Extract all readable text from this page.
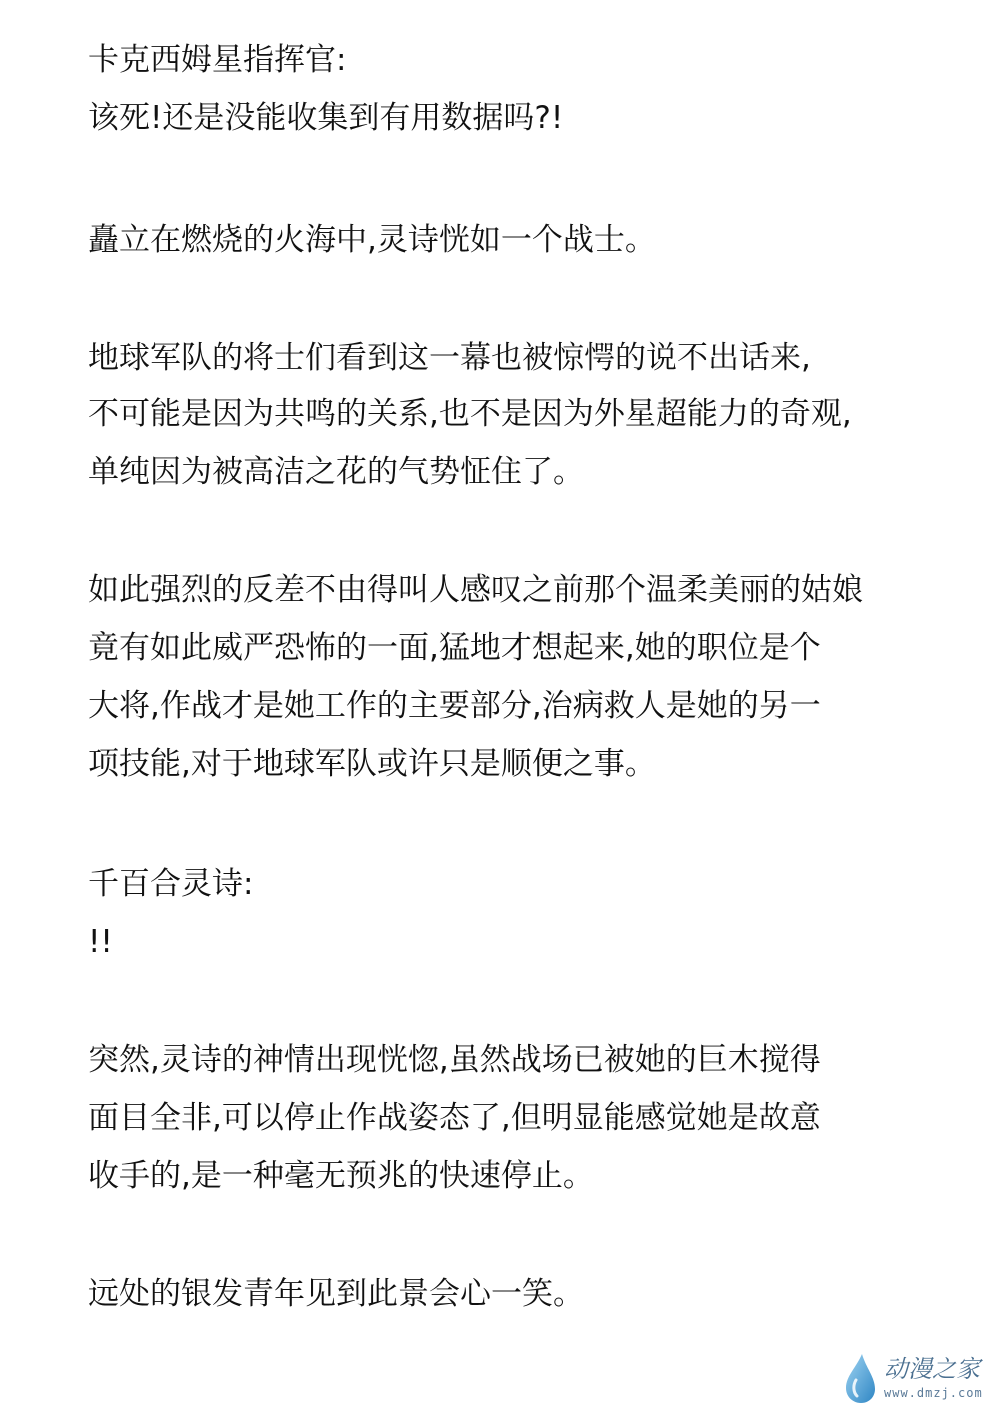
卡克西姆星指挥官:
该死!还是没能收集到有用数据吗?!
矗立在燃烧的火海中,灵诗恍如一个战士。
地球军队的将士们看到这一幕也被惊愕的说不出话来,
不可能是因为共鸣的关系,也不是因为外星超能力的奇观,
单纯因为被高洁之花的气势怔住了。
如此强烈的反差不由得叫人感叹之前那个温柔美丽的姑娘
竟有如此威严恐怖的一面,猛地才想起来,她的职位是个
大将,作战才是她工作的主要部分,治病救人是她的另一
项技能,对于地球军队或许只是顺便之事。
千百合灵诗:
!!
突然,灵诗的神情出现恍惚,虽然战场已被她的巨木搅得
面目全非,可以停止作战姿态了,但明显能感觉她是故意
收手的,是一种毫无预兆的快速停止。
远处的银发青年见到此景会心一笑。
动漫之家
www.dmzj.com
